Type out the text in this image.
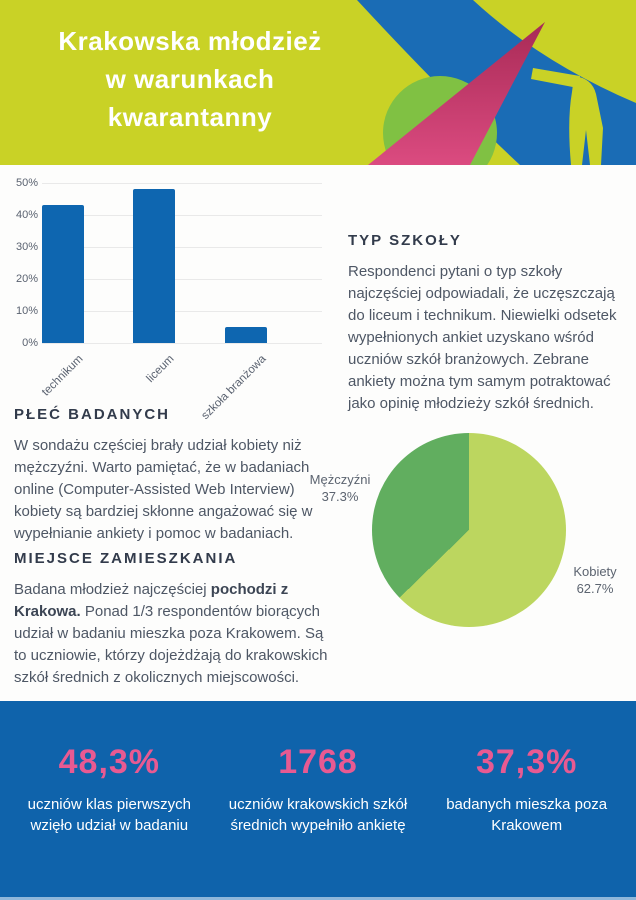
Krakowska młodzież
w warunkach
kwarantanny
0%
10%
20%
30%
40%
50%
technikum	liceum	szkoła branżowa
TYP SZKOŁY

Respondenci pytani o typ szkoły najczęściej odpowiadali, że uczęszczają do liceum i technikum. Niewielki odsetek wypełnionych ankiet uzyskano wśród uczniów szkół branżowych. Zebrane ankiety można tym samym potraktować jako opinię młodzieży szkół średnich.

PŁEĆ BADANYCH

W sondażu częściej brały udział kobiety niż mężczyźni. Warto pamiętać, że w badaniach online (Computer-Assisted Web Interview) kobiety są bardziej skłonne angażować się w wypełnianie ankiety i pomoc w badaniach.

MIEJSCE ZAMIESZKANIA

Badana młodzież najczęściej pochodzi z Krakowa. Ponad 1/3 respondentów biorących udział w badaniu mieszka poza Krakowem. Są to uczniowie, którzy dojeżdżają do krakowskich szkół średnich z okolicznych miejscowości.

Mężczyźni
37.3%
Kobiety
62.7%
48,3%
uczniów klas pierwszych wzięło udział w badaniu
1768
uczniów krakowskich szkół średnich wypełniło ankietę
37,3%
badanych mieszka poza Krakowem
